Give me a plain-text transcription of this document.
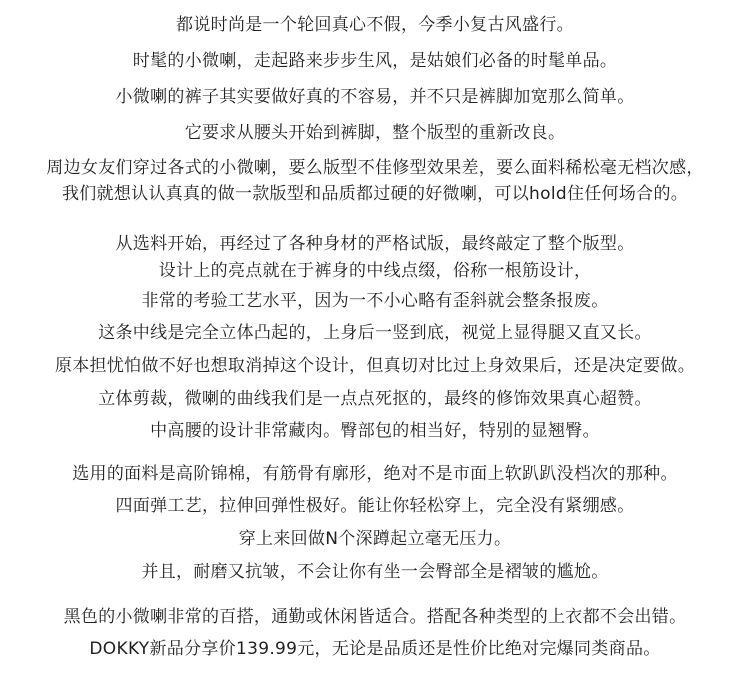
都说时尚是一个轮回真心不假，今季小复古风盛行。
时髦的小微喇，走起路来步步生风，是姑娘们必备的时髦单品。
小微喇的裤子其实要做好真的不容易，并不只是裤脚加宽那么简单。
它要求从腰头开始到裤脚，整个版型的重新改良。
周边女友们穿过各式的小微喇，要么版型不佳修型效果差，要么面料稀松毫无档次感，
我们就想认认真真的做一款版型和品质都过硬的好微喇，可以hold住任何场合的。
从选料开始，再经过了各种身材的严格试版，最终敲定了整个版型。
设计上的亮点就在于裤身的中线点缀，俗称一根筋设计，
非常的考验工艺水平，因为一不小心略有歪斜就会整条报废。
这条中线是完全立体凸起的，上身后一竖到底，视觉上显得腿又直又长。
原本担忧怕做不好也想取消掉这个设计，但真切对比过上身效果后，还是决定要做。
立体剪裁，微喇的曲线我们是一点点死抠的，最终的修饰效果真心超赞。
中高腰的设计非常藏肉。臀部包的相当好，特别的显翘臀。
选用的面料是高阶锦棉，有筋骨有廓形，绝对不是市面上软趴趴没档次的那种。
四面弹工艺，拉伸回弹性极好。能让你轻松穿上，完全没有紧绷感。
穿上来回做N个深蹲起立毫无压力。
并且，耐磨又抗皱，不会让你有坐一会臀部全是褶皱的尴尬。
黑色的小微喇非常的百搭，通勤或休闲皆适合。搭配各种类型的上衣都不会出错。
DOKKY新品分享价139.99元，无论是品质还是性价比绝对完爆同类商品。
